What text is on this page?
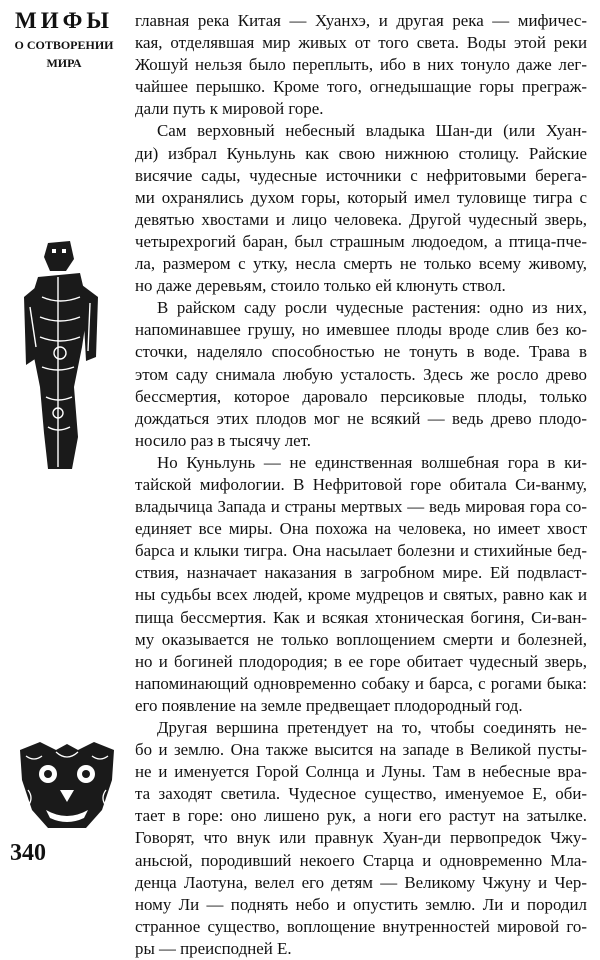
МИФЫ
О СОТВОРЕНИИ
МИРА
главная река Китая — Хуанхэ, и другая река — мифичес-
кая, отделявшая мир живых от того света. Воды этой реки
Жошуй нельзя было переплыть, ибо в них тонуло даже лег-
чайшее перышко. Кроме того, огнедышащие горы преграж-
дали путь к мировой горе.
Сам верховный небесный владыка Шан-ди (или Хуан-
ди) избрал Куньлунь как свою нижнюю столицу. Райские
висячие сады, чудесные источники с нефритовыми берега-
ми охранялись духом горы, который имел туловище тигра с
девятью хвостами и лицо человека. Другой чудесный зверь,
четырехрогий баран, был страшным людоедом, а птица-пче-
ла, размером с утку, несла смерть не только всему живому,
но даже деревьям, стоило только ей клюнуть ствол.
В райском саду росли чудесные растения: одно из них,
напоминавшее грушу, но имевшее плоды вроде слив без ко-
сточки, наделяло способностью не тонуть в воде. Трава в
этом саду снимала любую усталость. Здесь же росло древо
бессмертия, которое даровало персиковые плоды, только
дождаться этих плодов мог не всякий — ведь древо плодо-
носило раз в тысячу лет.
Но Куньлунь — не единственная волшебная гора в ки-
тайской мифологии. В Нефритовой горе обитала Си-ванму,
владычица Запада и страны мертвых — ведь мировая гора со-
единяет все миры. Она похожа на человека, но имеет хвост
барса и клыки тигра. Она насылает болезни и стихийные бед-
ствия, назначает наказания в загробном мире. Ей подвласт-
ны судьбы всех людей, кроме мудрецов и святых, равно как и
пища бессмертия. Как и всякая хтоническая богиня, Си-ван-
му оказывается не только воплощением смерти и болезней,
но и богиней плодородия; в ее горе обитает чудесный зверь,
напоминающий одновременно собаку и барса, с рогами быка:
его появление на земле предвещает плодородный год.
Другая вершина претендует на то, чтобы соединять не-
бо и землю. Она также высится на западе в Великой пусты-
не и именуется Горой Солнца и Луны. Там в небесные вра-
та заходят светила. Чудесное существо, именуемое Е, оби-
тает в горе: оно лишено рук, а ноги его растут на затылке.
Говорят, что внук или правнук Хуан-ди первопредок Чжу-
аньсюй, породивший некоего Старца и одновременно Мла-
денца Лаотуна, велел его детям — Великому Чжуну и Чер-
ному Ли — поднять небо и опустить землю. Ли и породил
странное существо, воплощение внутренностей мировой го-
ры — преисподней Е.
340
